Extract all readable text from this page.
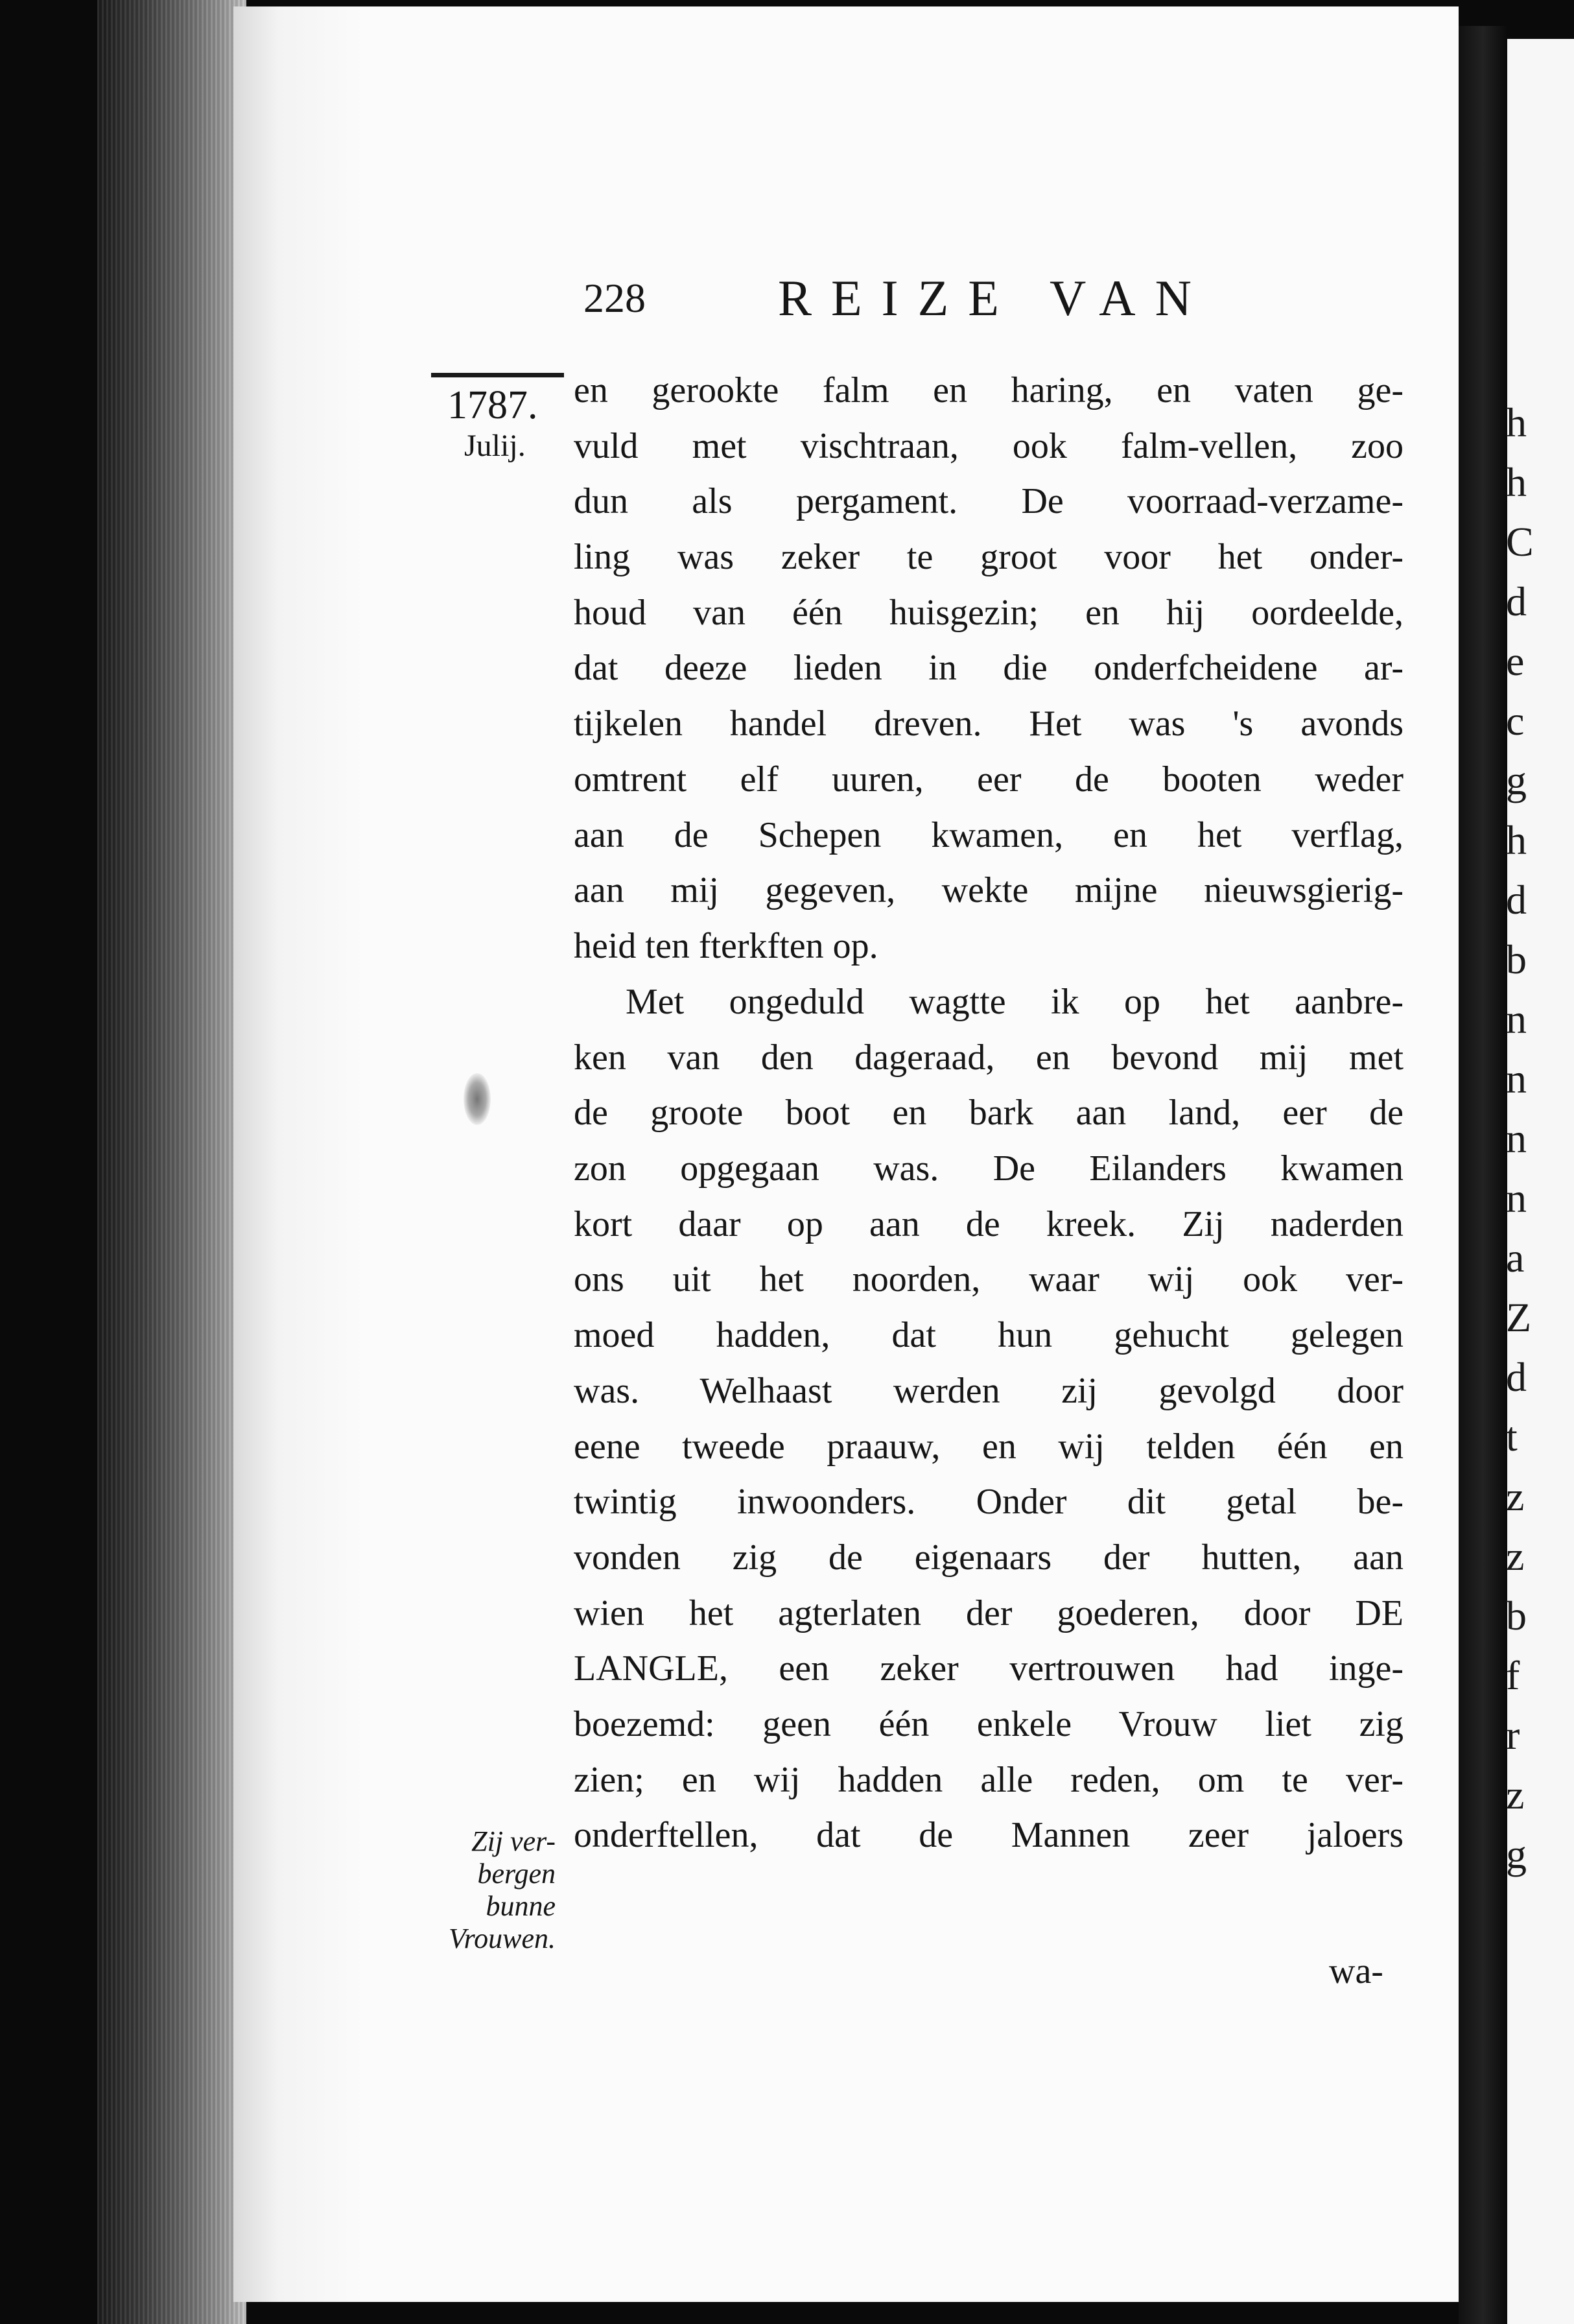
h
h
C
d
e
c
g
h
d
b
n
n
n
n
a
Z
d
t
z
z
b
f
r
z
g
228	REIZE VAN
1787.
Julij.
Zij ver-
bergen
bunne
Vrouwen.
en gerookte falm en haring, en vaten ge-
vuld met vischtraan, ook falm-vellen, zoo
dun als pergament. De voorraad-verzame-
ling was zeker te groot voor het onder-
houd van één huisgezin; en hij oordeelde,
dat deeze lieden in die onderfcheidene ar-
tijkelen handel dreven. Het was 's avonds
omtrent elf uuren, eer de booten weder
aan de Schepen kwamen, en het verflag,
aan mij gegeven, wekte mijne nieuwsgierig-
heid ten fterkften op.
Met ongeduld wagtte ik op het aanbre-
ken van den dageraad, en bevond mij met
de groote boot en bark aan land, eer de
zon opgegaan was. De Eilanders kwamen
kort daar op aan de kreek. Zij naderden
ons uit het noorden, waar wij ook ver-
moed hadden, dat hun gehucht gelegen
was. Welhaast werden zij gevolgd door
eene tweede praauw, en wij telden één en
twintig inwoonders. Onder dit getal be-
vonden zig de eigenaars der hutten, aan
wien het agterlaten der goederen, door DE
LANGLE, een zeker vertrouwen had inge-
boezemd: geen één enkele Vrouw liet zig
zien; en wij hadden alle reden, om te ver-
onderftellen, dat de Mannen zeer jaloers
wa-
